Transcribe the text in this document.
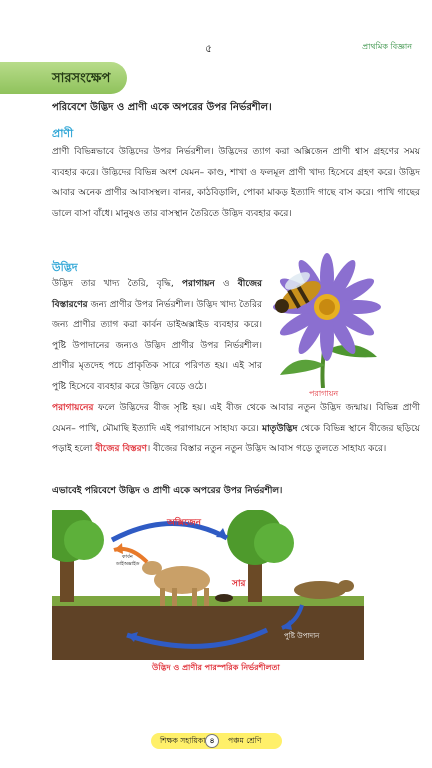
৫	প্রাথমিক বিজ্ঞান
সারসংক্ষেপ
পরিবেশে উদ্ভিদ ও প্রাণী একে অপরের উপর নির্ভরশীল।
প্রাণী
প্রাণী বিভিন্নভাবে উদ্ভিদের উপর নির্ভরশীল। উদ্ভিদের ত্যাগ করা অক্সিজেন প্রাণী শ্বাস গ্রহণের সময় ব্যবহার করে। উদ্ভিদের বিভিন্ন অংশ যেমন– কাণ্ড, শাখা ও ফলমূল প্রাণী খাদ্য হিসেবে গ্রহণ করে। উদ্ভিদ আবার অনেক প্রাণীর আবাসস্থল। বানর, কাঠবিড়ালি, পোকা মাকড় ইত্যাদি গাছে বাস করে। পাখি গাছের ডালে বাসা বাঁধে। মানুষও তার বাসস্থান তৈরিতে উদ্ভিদ ব্যবহার করে।
উদ্ভিদ
উদ্ভিদ তার খাদ্য তৈরি, বৃদ্ধি, পরাগায়ন ও বীজের বিস্তারণের জন্য প্রাণীর উপর নির্ভরশীল। উদ্ভিদ খাদ্য তৈরির জন্য প্রাণীর ত্যাগ করা কার্বন ডাইঅক্সাইড ব্যবহার করে। পুষ্টি উপাদানের জন্যও উদ্ভিদ প্রাণীর উপর নির্ভরশীল। প্রাণীর মৃতদেহ পচে প্রাকৃতিক সারে পরিণত হয়। এই সার পুষ্টি হিসেবে ব্যবহার করে উদ্ভিদ বেড়ে ওঠে।
পরাগায়ন
পরাগায়নের ফলে উদ্ভিদের বীজ সৃষ্টি হয়। এই বীজ থেকে আবার নতুন উদ্ভিদ জন্মায়। বিভিন্ন প্রাণী যেমন– পাখি, মৌমাছি ইত্যাদি এই পরাগায়নে সাহায্য করে। মাতৃউদ্ভিদ থেকে বিভিন্ন স্থানে বীজের ছড়িয়ে পড়াই হলো বীজের বিস্তরণ। বীজের বিস্তার নতুন নতুন উদ্ভিদ আবাস গড়ে তুলতে সাহায্য করে।
এভাবেই পরিবেশে উদ্ভিদ ও প্রাণী একে অপরের উপর নির্ভরশীল।
অক্সিজেন
কার্বন
ডাইঅক্সাইড
সার
পুষ্টি উপাদান
উদ্ভিদ ও প্রাণীর পারস্পরিক নির্ভরশীলতা
শিক্ষক সহায়িকা ৪	পঞ্চম শ্রেণি
